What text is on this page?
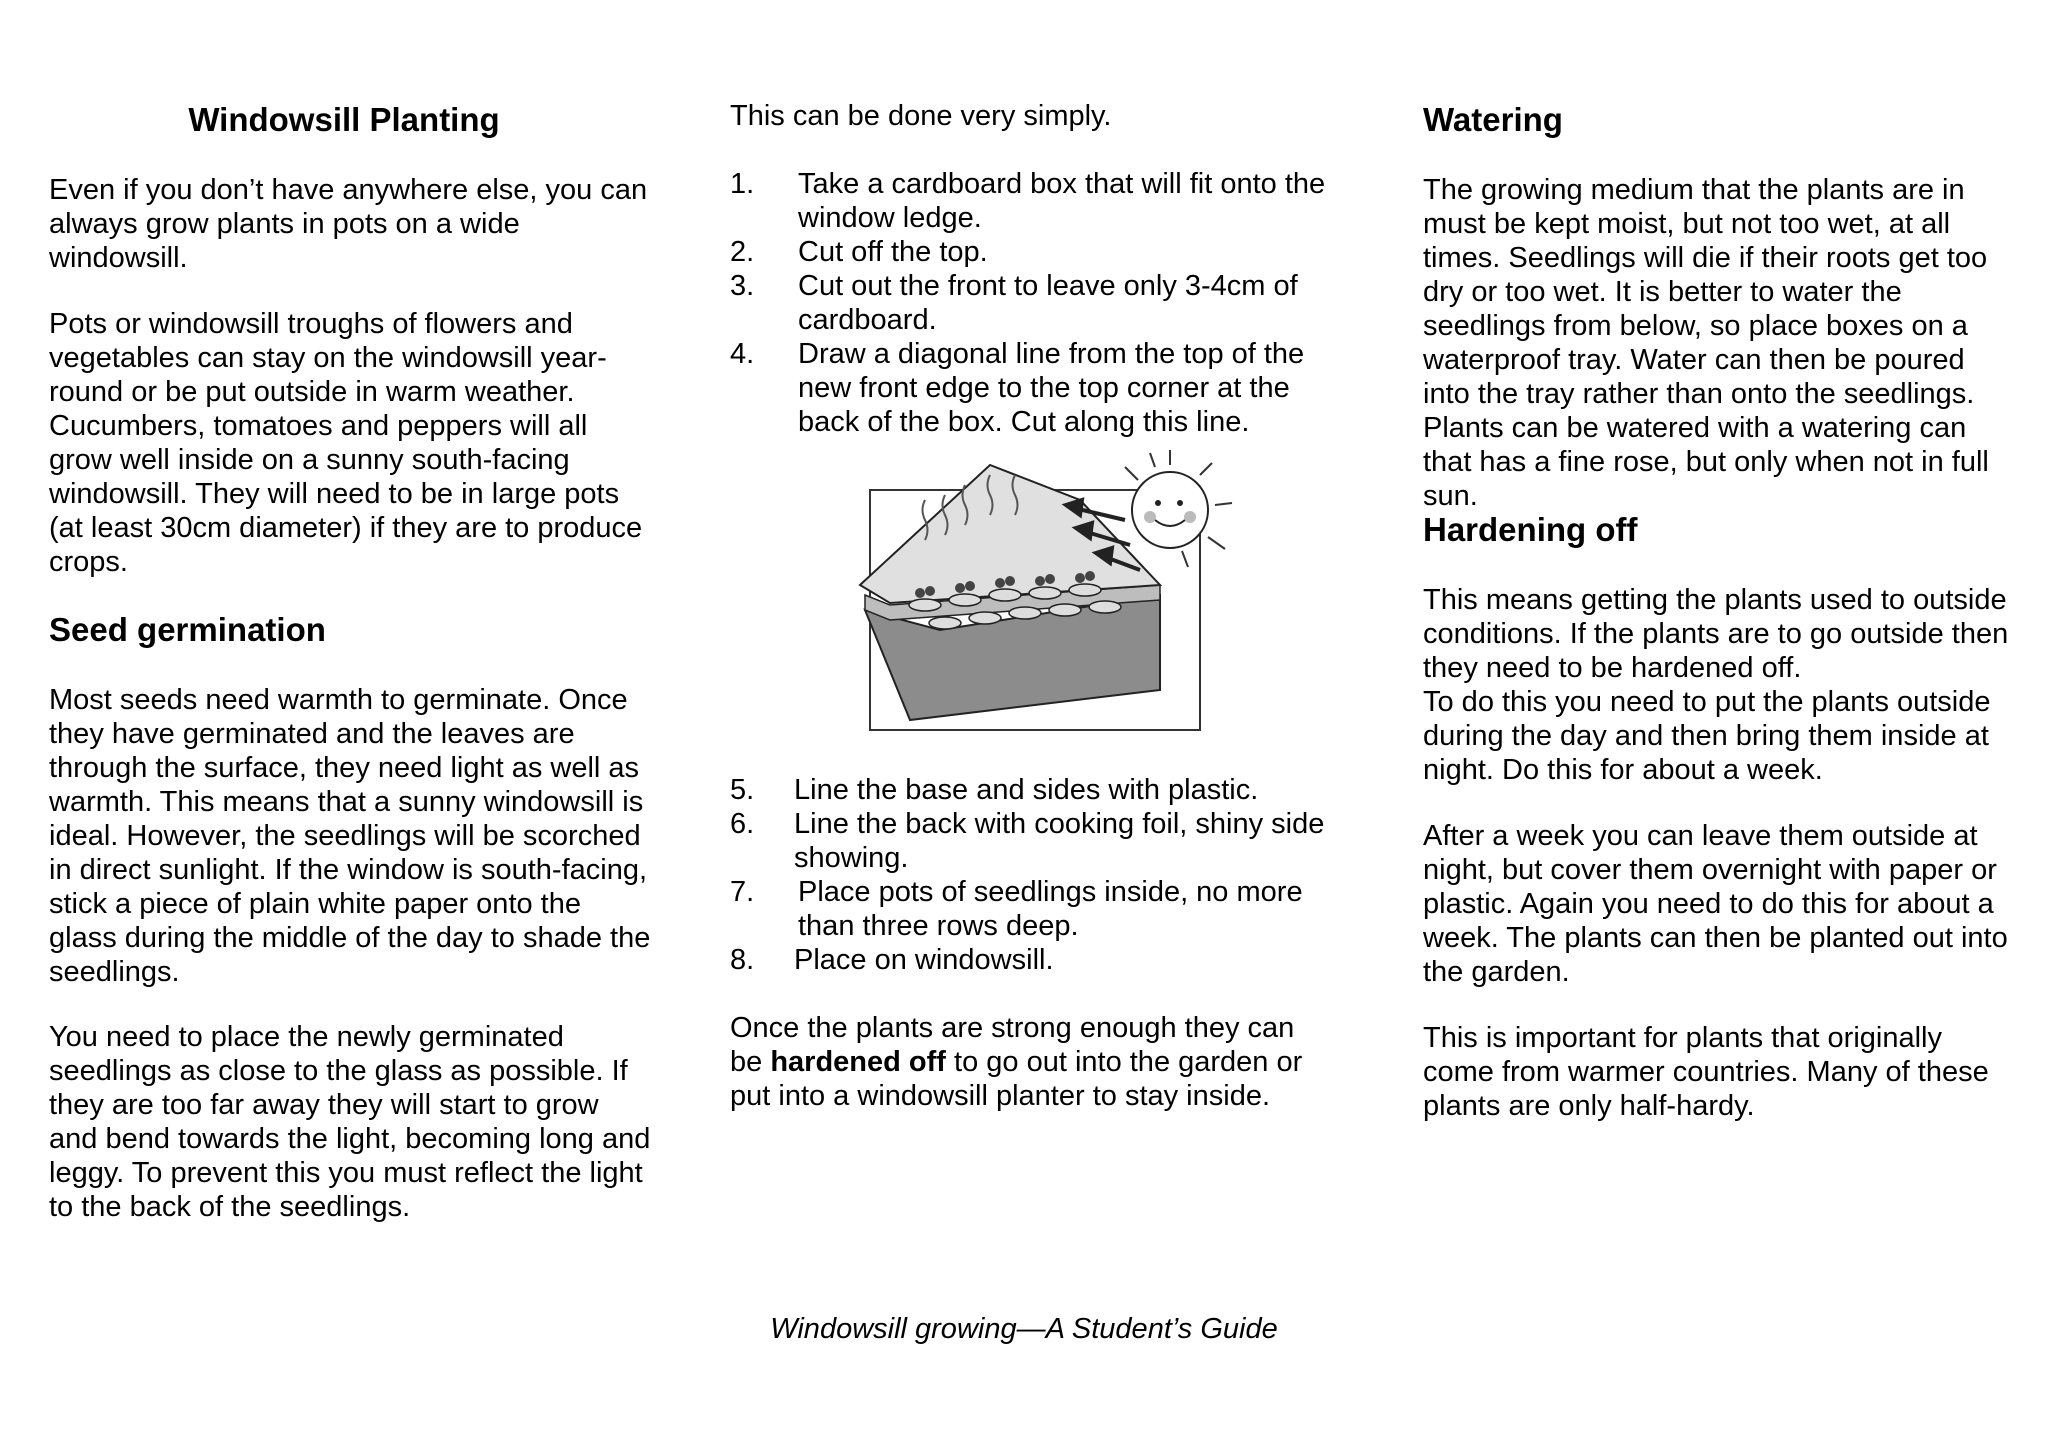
Windowsill Planting

Even if you don’t have anywhere else, you can always grow plants in pots on a wide windowsill.

Pots or windowsill troughs of flowers and vegetables can stay on the windowsill year-round or be put outside in warm weather. Cucumbers, tomatoes and peppers will all grow well inside on a sunny south-facing windowsill. They will need to be in large pots (at least 30cm diameter) if they are to produce crops.

Seed germination

Most seeds need warmth to germinate. Once they have germinated and the leaves are through the surface, they need light as well as warmth. This means that a sunny windowsill is ideal. However, the seedlings will be scorched in direct sunlight. If the window is south-facing, stick a piece of plain white paper onto the glass during the middle of the day to shade the seedlings.

You need to place the newly germinated seedlings as close to the glass as possible. If they are too far away they will start to grow and bend towards the light, becoming long and leggy. To prevent this you must reflect the light to the back of the seedlings.

This can be done very simply.

1. Take a cardboard box that will fit onto the window ledge.
2. Cut off the top.
3. Cut out the front to leave only 3-4cm of cardboard.
4. Draw a diagonal line from the top of the new front edge to the top corner at the back of the box. Cut along this line.
5. Line the base and sides with plastic.
6. Line the back with cooking foil, shiny side showing.
7. Place pots of seedlings inside, no more than three rows deep.
8. Place on windowsill.

Once the plants are strong enough they can be hardened off to go out into the garden or put into a windowsill planter to stay inside.

Watering

The growing medium that the plants are in must be kept moist, but not too wet, at all times. Seedlings will die if their roots get too dry or too wet. It is better to water the seedlings from below, so place boxes on a waterproof tray. Water can then be poured into the tray rather than onto the seedlings. Plants can be watered with a watering can that has a fine rose, but only when not in full sun.

Hardening off

This means getting the plants used to outside conditions. If the plants are to go outside then they need to be hardened off.

To do this you need to put the plants outside during the day and then bring them inside at night. Do this for about a week.

After a week you can leave them outside at night, but cover them overnight with paper or plastic. Again you need to do this for about a week. The plants can then be planted out into the garden.

This is important for plants that originally come from warmer countries. Many of these plants are only half-hardy.

Windowsill growing—A Student’s Guide
